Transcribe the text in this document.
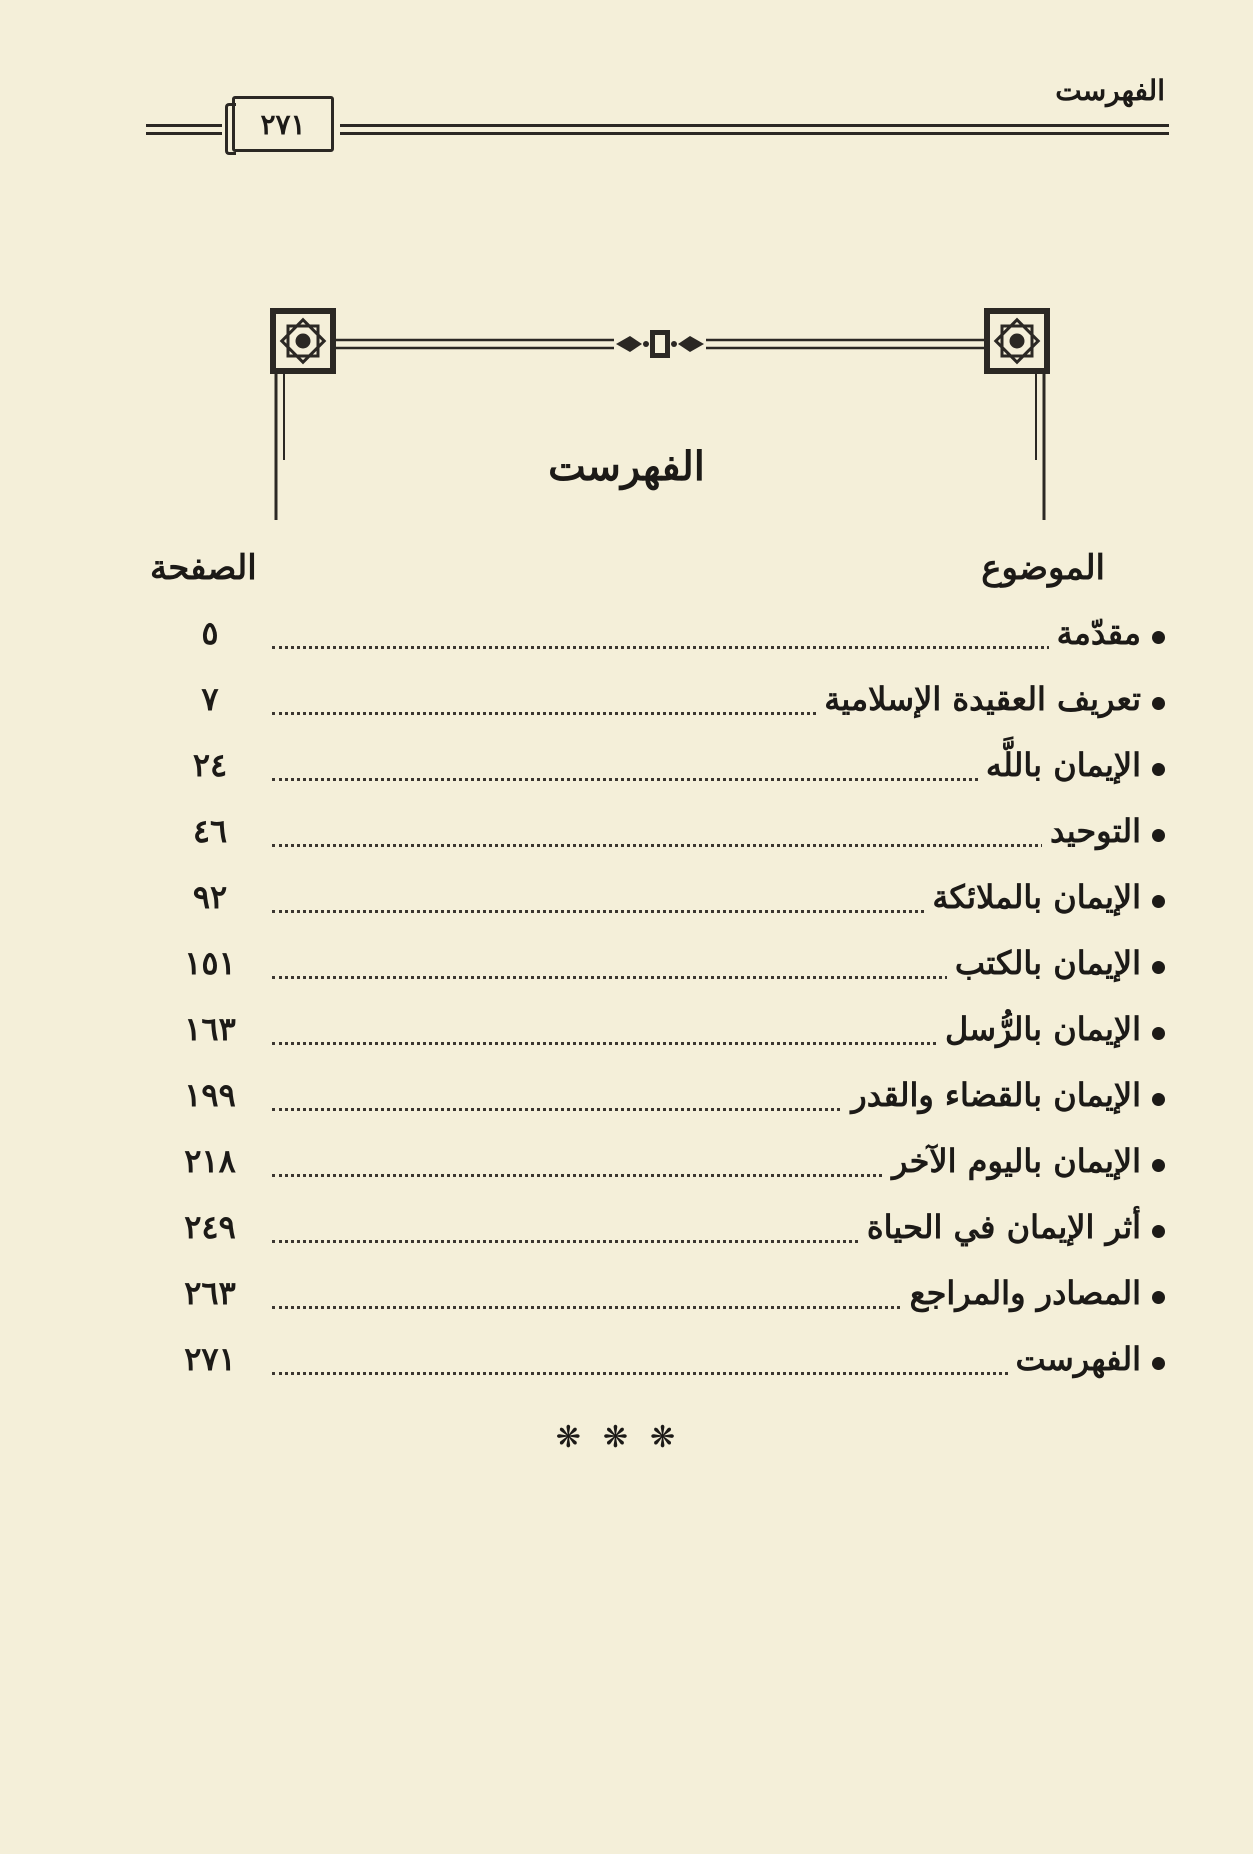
الفهرست
٢٧١
الفهرست
الموضوع
الصفحة
مقدّمة
٥
تعريف العقيدة الإسلامية
٧
الإيمان باللَّه
٢٤
التوحيد
٤٦
الإيمان بالملائكة
٩٢
الإيمان بالكتب
١٥١
الإيمان بالرُّسل
١٦٣
الإيمان بالقضاء والقدر
١٩٩
الإيمان باليوم الآخر
٢١٨
أثر الإيمان في الحياة
٢٤٩
المصادر والمراجع
٢٦٣
الفهرست
٢٧١
❋❋❋
